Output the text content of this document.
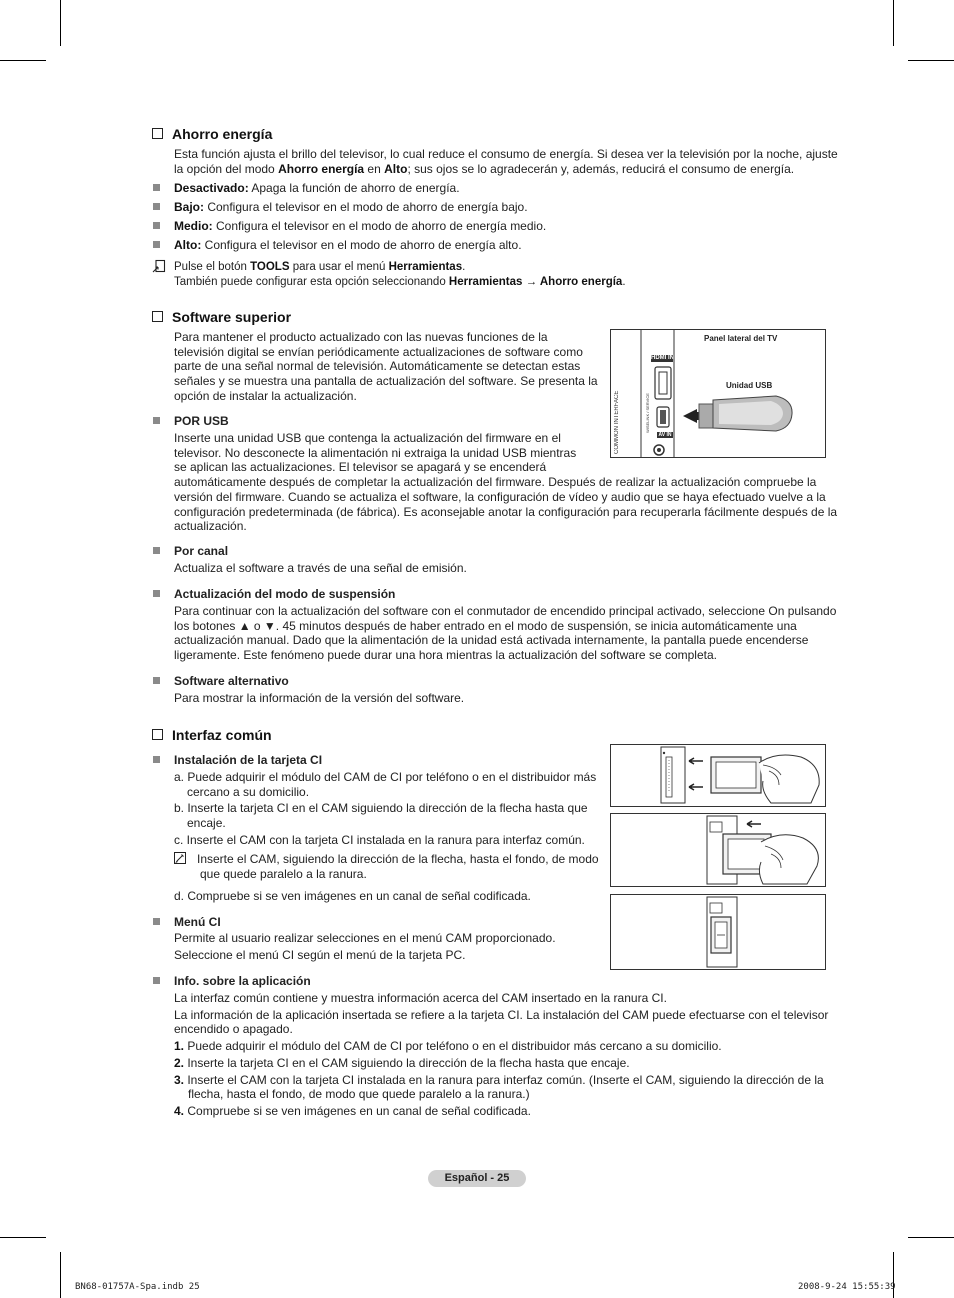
Ahorro energía
Esta función ajusta el brillo del televisor, lo cual reduce el consumo de energía. Si desea ver la televisión por la noche, ajuste
la opción del modo Ahorro energía en Alto; sus ojos se lo agradecerán y, además, reducirá el consumo de energía.
Desactivado: Apaga la función de ahorro de energía.
Bajo: Configura el televisor en el modo de ahorro de energía bajo.
Medio: Configura el televisor en el modo de ahorro de energía medio.
Alto: Configura el televisor en el modo de ahorro de energía alto.
Pulse el botón TOOLS para usar el menú Herramientas.
También puede configurar esta opción seleccionando Herramientas → Ahorro energía.
Software superior
Para mantener el producto actualizado con las nuevas funciones de la
televisión digital se envían periódicamente actualizaciones de software como
parte de una señal normal de televisión. Automáticamente se detectan estas
señales y se muestra una pantalla de actualización del software. Se presenta la
opción de instalar la actualización.	COMMON INTERFACE
HDMI IN 4
WISELINK / SERVICE
AV IN
Panel lateral del TV
Unidad USB
POR USB
Inserte una unidad USB que contenga la actualización del firmware en el
televisor. No desconecte la alimentación ni extraiga la unidad USB mientras
se aplican las actualizaciones. El televisor se apagará y se encenderá
automáticamente después de completar la actualización del firmware. Después de realizar la actualización compruebe la
versión del firmware. Cuando se actualiza el software, la configuración de vídeo y audio que se haya efectuado vuelve a la
configuración predeterminada (de fábrica). Es aconsejable anotar la configuración para recuperarla fácilmente después de la
actualización.
Por canal
Actualiza el software a través de una señal de emisión.
Actualización del modo de suspensión
Para continuar con la actualización del software con el conmutador de encendido principal activado, seleccione On pulsando
los botones ▲ o ▼. 45 minutos después de haber entrado en el modo de suspensión, se inicia automáticamente una
actualización manual. Dado que la alimentación de la unidad está activada internamente, la pantalla puede encenderse
ligeramente. Este fenómeno puede durar una hora mientras la actualización del software se completa.
Software alternativo
Para mostrar la información de la versión del software.
Interfaz común
Instalación de la tarjeta CI
a. Puede adquirir el módulo del CAM de CI por teléfono o en el distribuidor más
cercano a su domicilio.
b. Inserte la tarjeta CI en el CAM siguiendo la dirección de la flecha hasta que
encaje.
c. Inserte el CAM con la tarjeta CI instalada en la ranura para interfaz común.
Inserte el CAM, siguiendo la dirección de la flecha, hasta el fondo, de modo
que quede paralelo a la ranura.
d. Compruebe si se ven imágenes en un canal de señal codificada.
Menú CI
Permite al usuario realizar selecciones en el menú CAM proporcionado.
Seleccione el menú CI según el menú de la tarjeta PC.
Info. sobre la aplicación
La interfaz común contiene y muestra información acerca del CAM insertado en la ranura CI.
La información de la aplicación insertada se refiere a la tarjeta CI. La instalación del CAM puede efectuarse con el televisor
encendido o apagado.
1. Puede adquirir el módulo del CAM de CI por teléfono o en el distribuidor más cercano a su domicilio.
2. Inserte la tarjeta CI en el CAM siguiendo la dirección de la flecha hasta que encaje.
3. Inserte el CAM con la tarjeta CI instalada en la ranura para interfaz común. (Inserte el CAM, siguiendo la dirección de la
flecha, hasta el fondo, de modo que quede paralelo a la ranura.)
4. Compruebe si se ven imágenes en un canal de señal codificada.
Español - 25
BN68-01757A-Spa.indb 25	2008-9-24 15:55:39
